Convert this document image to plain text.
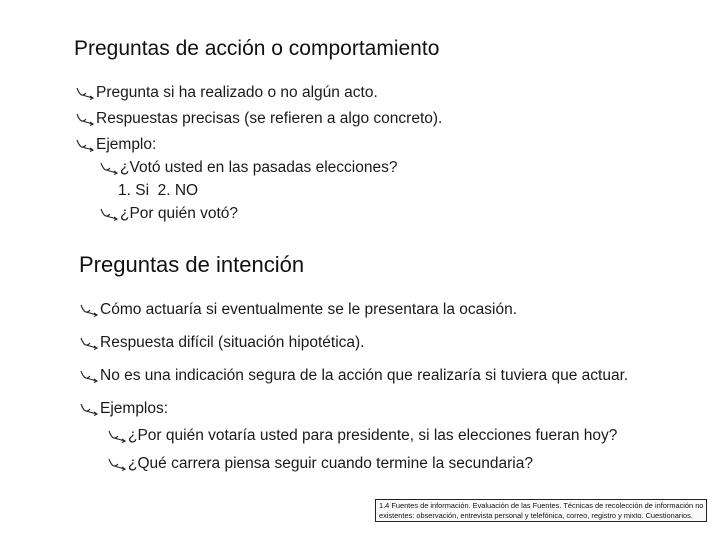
Preguntas de acción o comportamiento
Pregunta si ha realizado o no algún acto.
Respuestas precisas (se refieren a algo concreto).
Ejemplo:
¿Votó usted en las pasadas elecciones?
1. Si  2. NO
¿Por quién votó?
Preguntas de intención
Cómo actuaría si eventualmente se le presentara la ocasión.
Respuesta difícil (situación hipotética).
No es una indicación segura de la acción que realizaría si tuviera que actuar.
Ejemplos:
¿Por quién votaría usted para presidente, si las elecciones fueran hoy?
¿Qué carrera piensa seguir cuando termine la secundaria?
1.4 Fuentes de información. Evaluación de las Fuentes. Técnicas de recolección de información no
existentes: observación, entrevista personal y telefónica, correo, registro y mixto. Cuestionarios.
